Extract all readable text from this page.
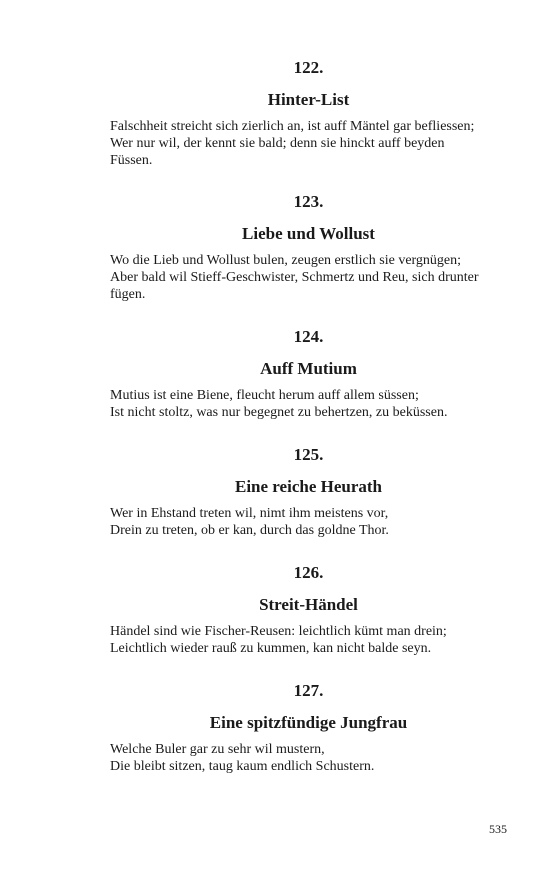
122.
Hinter-List
Falschheit streicht sich zierlich an, ist auff Mäntel gar befliessen;
Wer nur wil, der kennt sie bald; denn sie hinckt auff beyden
Füssen.
123.
Liebe und Wollust
Wo die Lieb und Wollust bulen, zeugen erstlich sie vergnügen;
Aber bald wil Stieff-Geschwister, Schmertz und Reu, sich drunter
fügen.
124.
Auff Mutium
Mutius ist eine Biene, fleucht herum auff allem süssen;
Ist nicht stoltz, was nur begegnet zu behertzen, zu beküssen.
125.
Eine reiche Heurath
Wer in Ehstand treten wil, nimt ihm meistens vor,
Drein zu treten, ob er kan, durch das goldne Thor.
126.
Streit-Händel
Händel sind wie Fischer-Reusen: leichtlich kümt man drein;
Leichtlich wieder rauß zu kummen, kan nicht balde seyn.
127.
Eine spitzfündige Jungfrau
Welche Buler gar zu sehr wil mustern,
Die bleibt sitzen, taug kaum endlich Schustern.
535
